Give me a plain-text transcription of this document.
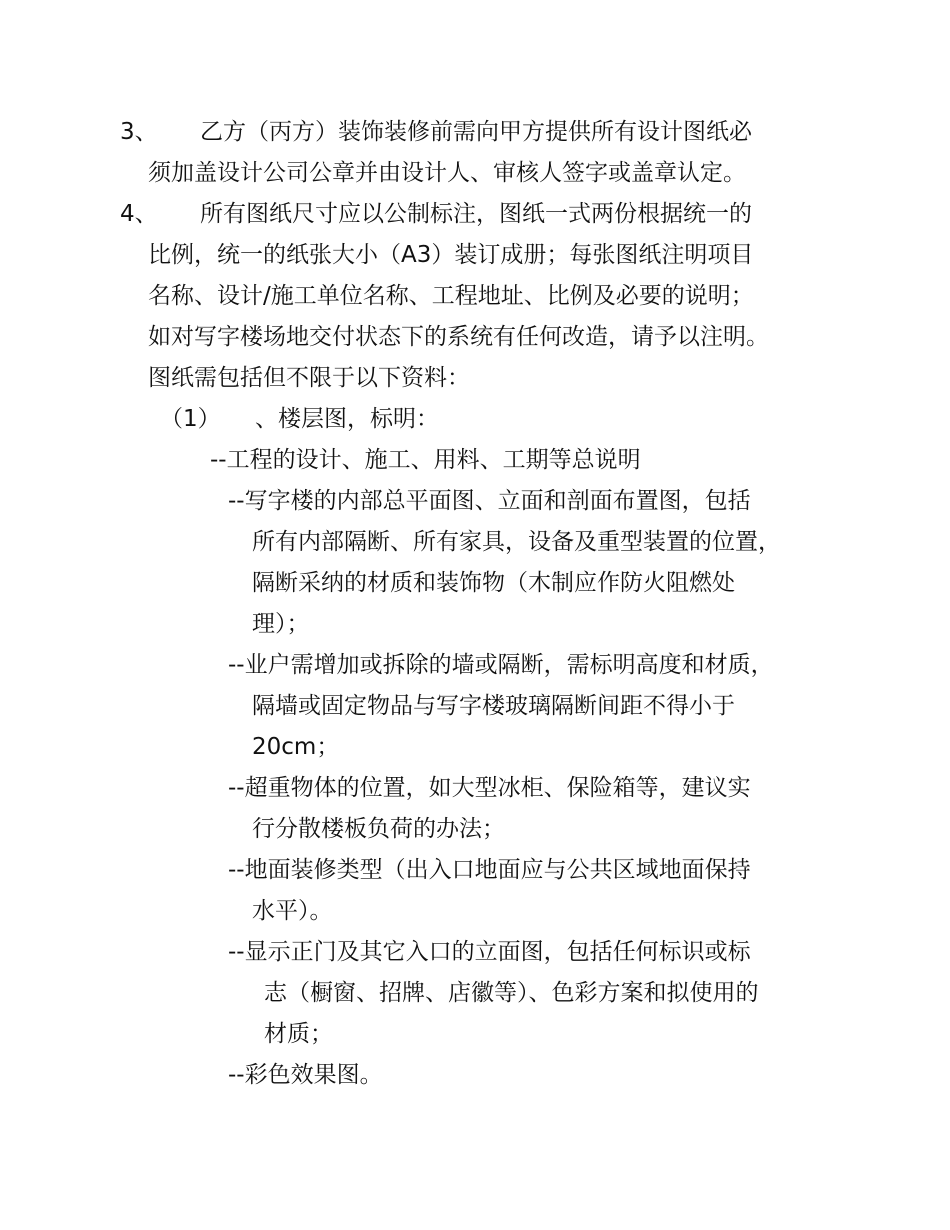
3、 乙方（丙方）装饰装修前需向甲方提供所有设计图纸必
须加盖设计公司公章并由设计人、审核人签字或盖章认定。
4、 所有图纸尺寸应以公制标注，图纸一式两份根据统一的
比例，统一的纸张大小（A3）装订成册；每张图纸注明项目
名称、设计/施工单位名称、工程地址、比例及必要的说明；
如对写字楼场地交付状态下的系统有任何改造，请予以注明。
图纸需包括但不限于以下资料：
（1） 、楼层图，标明：
--工程的设计、施工、用料、工期等总说明
--写字楼的内部总平面图、立面和剖面布置图，包括
所有内部隔断、所有家具，设备及重型装置的位置，
隔断采纳的材质和装饰物（木制应作防火阻燃处
理）；
--业户需增加或拆除的墙或隔断，需标明高度和材质，
隔墙或固定物品与写字楼玻璃隔断间距不得小于
20cm；
--超重物体的位置，如大型冰柜、保险箱等，建议实
行分散楼板负荷的办法；
--地面装修类型（出入口地面应与公共区域地面保持
水平）。
--显示正门及其它入口的立面图，包括任何标识或标
志（橱窗、招牌、店徽等）、色彩方案和拟使用的
材质；
--彩色效果图。
